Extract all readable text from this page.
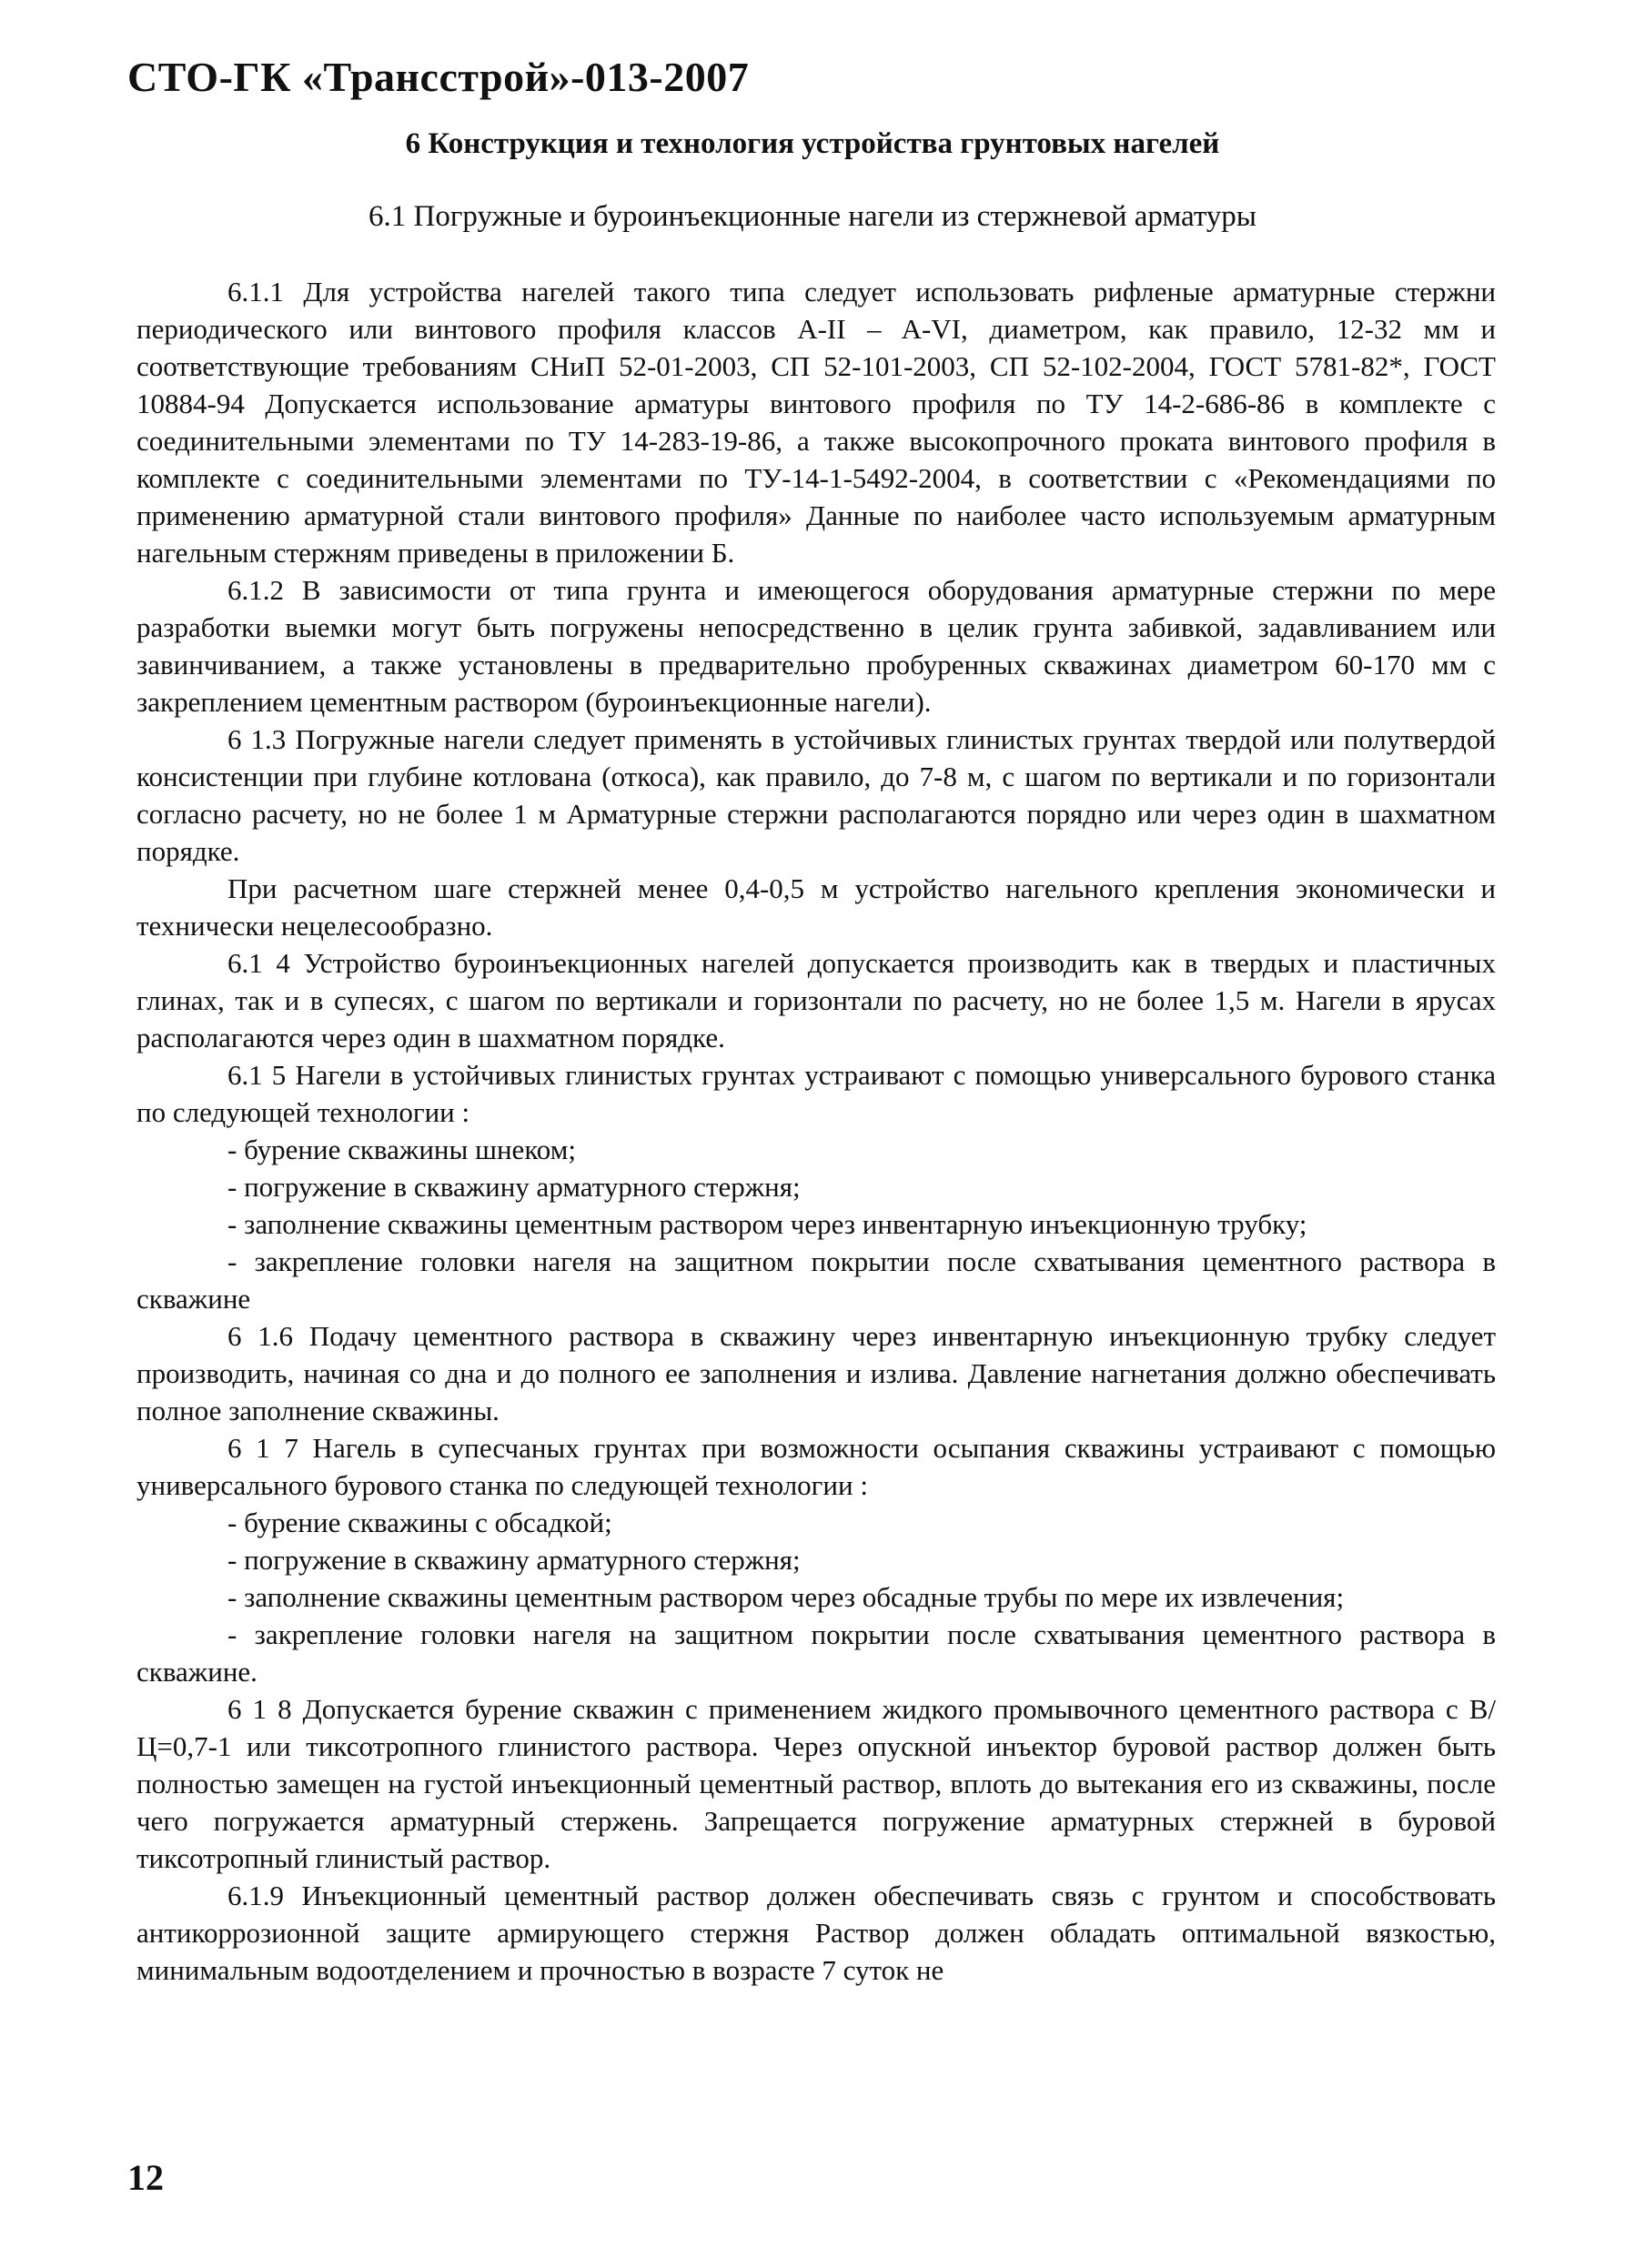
СТО-ГК «Трансстрой»-013-2007
6 Конструкция и технология устройства грунтовых нагелей
6.1 Погружные и буроинъекционные нагели из стержневой арматуры

6.1.1 Для устройства нагелей такого типа следует использовать рифленые арматурные стержни периодического или винтового профиля классов A-II – A-VI, диаметром, как правило, 12-32 мм и соответствующие требованиям СНиП 52-01-2003, СП 52-101-2003, СП 52-102-2004, ГОСТ 5781-82*, ГОСТ 10884-94 Допускается использование арматуры винтового профиля по ТУ 14-2-686-86 в комплекте с соединительными элементами по ТУ 14-283-19-86, а также высокопрочного проката винтового профиля в комплекте с соединительными элементами по ТУ-14-1-5492-2004, в соответствии с «Рекомендациями по применению арматурной стали винтового профиля» Данные по наиболее часто используемым арматурным нагельным стержням приведены в приложении Б.

6.1.2 В зависимости от типа грунта и имеющегося оборудования арматурные стержни по мере разработки выемки могут быть погружены непосредственно в целик грунта забивкой, задавливанием или завинчиванием, а также установлены в предварительно пробуренных скважинах диаметром 60-170 мм с закреплением цементным раствором (буроинъекционные нагели).

6 1.3 Погружные нагели следует применять в устойчивых глинистых грунтах твердой или полутвердой консистенции при глубине котлована (откоса), как правило, до 7-8 м, с шагом по вертикали и по горизонтали согласно расчету, но не более 1 м Арматурные стержни располагаются порядно или через один в шахматном порядке.

При расчетном шаге стержней менее 0,4-0,5 м устройство нагельного крепления экономически и технически нецелесообразно.

6.1 4 Устройство буроинъекционных нагелей допускается производить как в твердых и пластичных глинах, так и в супесях, с шагом по вертикали и горизонтали по расчету, но не более 1,5 м. Нагели в ярусах располагаются через один в шахматном порядке.

6.1 5 Нагели в устойчивых глинистых грунтах устраивают с помощью универсального бурового станка по следующей технологии :

- бурение скважины шнеком;

- погружение в скважину арматурного стержня;

- заполнение скважины цементным раствором через инвентарную инъекционную трубку;

- закрепление головки нагеля на защитном покрытии после схватывания цементного раствора в скважине

6 1.6 Подачу цементного раствора в скважину через инвентарную инъекционную трубку следует производить, начиная со дна и до полного ее заполнения и излива. Давление нагнетания должно обеспечивать полное заполнение скважины.

6 1 7 Нагель в супесчаных грунтах при возможности осыпания скважины устраивают с помощью универсального бурового станка по следующей технологии :

- бурение скважины с обсадкой;

- погружение в скважину арматурного стержня;

- заполнение скважины цементным раствором через обсадные трубы по мере их извлечения;

- закрепление головки нагеля на защитном покрытии после схватывания цементного раствора в скважине.

6 1 8 Допускается бурение скважин с применением жидкого промывочного цементного раствора с В/Ц=0,7-1 или тиксотропного глинистого раствора. Через опускной инъектор буровой раствор должен быть полностью замещен на густой инъекционный цементный раствор, вплоть до вытекания его из скважины, после чего погружается арматурный стержень. Запрещается погружение арматурных стержней в буровой тиксотропный глинистый раствор.

6.1.9 Инъекционный цементный раствор должен обеспечивать связь с грунтом и способствовать антикоррозионной защите армирующего стержня Раствор должен обладать оптимальной вязкостью, минимальным водоотделением и прочностью в возрасте 7 суток не

12
